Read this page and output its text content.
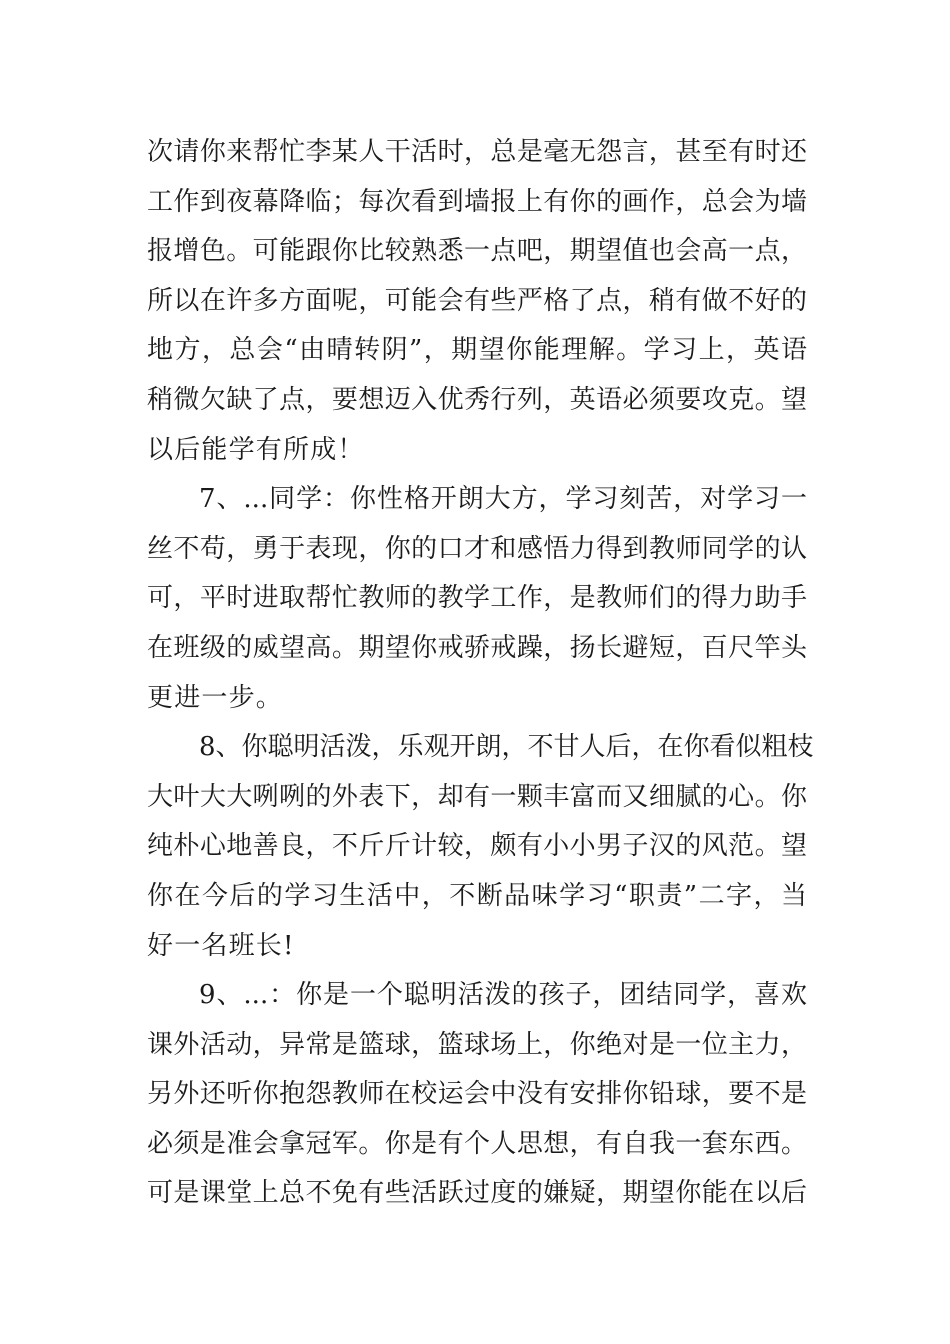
次请你来帮忙李某人干活时，总是毫无怨言，甚至有时还
工作到夜幕降临；每次看到墙报上有你的画作，总会为墙
报增色。可能跟你比较熟悉一点吧，期望值也会高一点，
所以在许多方面呢，可能会有些严格了点，稍有做不好的
地方，总会“由晴转阴”，期望你能理解。学习上，英语
稍微欠缺了点，要想迈入优秀行列，英语必须要攻克。望
以后能学有所成！
7、...同学：你性格开朗大方，学习刻苦，对学习一
丝不苟，勇于表现，你的口才和感悟力得到教师同学的认
可，平时进取帮忙教师的教学工作，是教师们的得力助手
在班级的威望高。期望你戒骄戒躁，扬长避短，百尺竿头
更进一步。
8、你聪明活泼，乐观开朗，不甘人后，在你看似粗枝
大叶大大咧咧的外表下，却有一颗丰富而又细腻的心。你
纯朴心地善良，不斤斤计较，颇有小小男子汉的风范。望
你在今后的学习生活中，不断品味学习“职责”二字，当
好一名班长!
9、...：你是一个聪明活泼的孩子，团结同学，喜欢
课外活动，异常是篮球，篮球场上，你绝对是一位主力，
另外还听你抱怨教师在校运会中没有安排你铅球，要不是
必须是准会拿冠军。你是有个人思想，有自我一套东西。
可是课堂上总不免有些活跃过度的嫌疑，期望你能在以后
